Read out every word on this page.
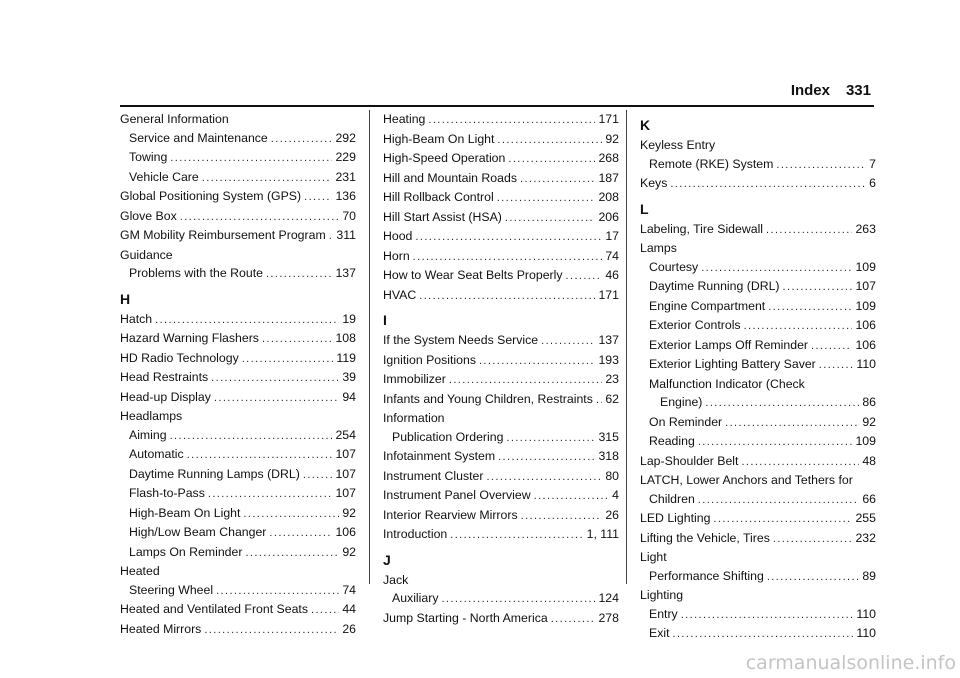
Index 331
General Information
Service and Maintenance .....	292
Towing .....	229
Vehicle Care .....	231
Global Positioning System (GPS) .....	136
Glove Box .....	70
GM Mobility Reimbursement Program ..... 311
Guidance
Problems with the Route .....	137
H
Hatch .....	19
Hazard Warning Flashers .....	108
HD Radio Technology .....	119
Head Restraints .....	39
Head-up Display .....	94
Headlamps
Aiming .....	254
Automatic .....	107
Daytime Running Lamps (DRL) .....	107
Flash-to-Pass .....	107
High-Beam On Light .....	92
High/Low Beam Changer .....	106
Lamps On Reminder .....	92
Heated
Steering Wheel .....	74
Heated and Ventilated Front Seats .....	44
Heated Mirrors .....	26
Heating .....	171
High-Beam On Light .....	92
High-Speed Operation .....	268
Hill and Mountain Roads .....	187
Hill Rollback Control .....	208
Hill Start Assist (HSA) .....	206
Hood .....	17
Horn .....	74
How to Wear Seat Belts Properly .....	46
HVAC .....	171
I
If the System Needs Service .....	137
Ignition Positions .....	193
Immobilizer .....	23
Infants and Young Children, Restraints ..... 62
Information
Publication Ordering .....	315
Infotainment System .....	318
Instrument Cluster .....	80
Instrument Panel Overview .....	4
Interior Rearview Mirrors .....	26
Introduction .....	1, 111
J
Jack
Auxiliary .....	124
Jump Starting - North America .....	278
K
Keyless Entry
Remote (RKE) System .....	7
Keys .....	6
L
Labeling, Tire Sidewall .....	263
Lamps
Courtesy .....	109
Daytime Running (DRL) .....	107
Engine Compartment .....	109
Exterior Controls .....	106
Exterior Lamps Off Reminder .....	106
Exterior Lighting Battery Saver .....	110
Malfunction Indicator (Check
Engine) .....	86
On Reminder .....	92
Reading .....	109
Lap-Shoulder Belt .....	48
LATCH, Lower Anchors and Tethers for
Children .....	66
LED Lighting .....	255
Lifting the Vehicle, Tires .....	232
Light
Performance Shifting .....	89
Lighting
Entry .....	110
Exit .....	110
carmanualsonline.info
